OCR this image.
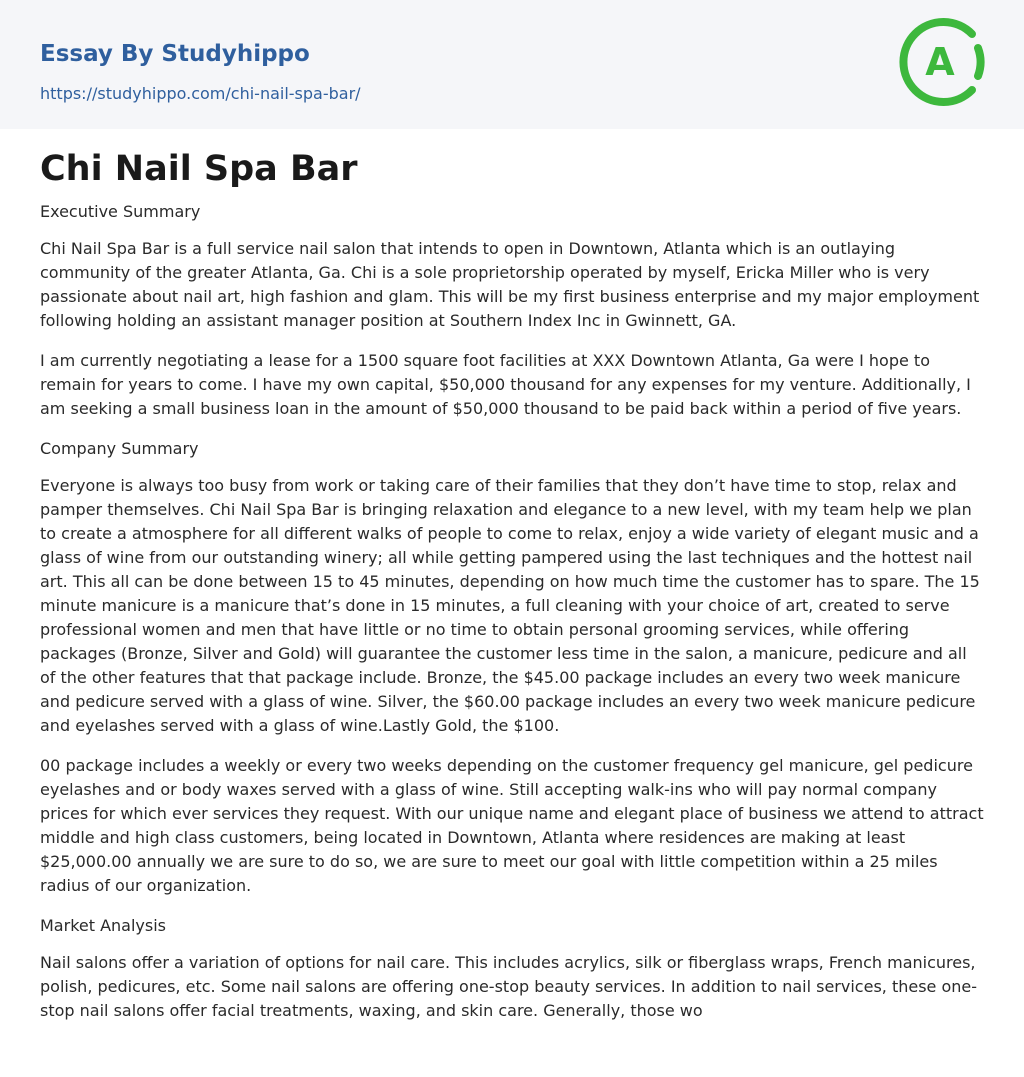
Essay By Studyhippo
https://studyhippo.com/chi-nail-spa-bar/
A
Chi Nail Spa Bar
Executive Summary

Chi Nail Spa Bar is a full service nail salon that intends to open in Downtown, Atlanta which is an outlaying community of the greater Atlanta, Ga. Chi is a sole proprietorship operated by myself, Ericka Miller who is very passionate about nail art, high fashion and glam. This will be my first business enterprise and my major employment following holding an assistant manager position at Southern Index Inc in Gwinnett, GA.

I am currently negotiating a lease for a 1500 square foot facilities at XXX Downtown Atlanta, Ga were I hope to remain for years to come. I have my own capital, $50,000 thousand for any expenses for my venture. Additionally, I am seeking a small business loan in the amount of $50,000 thousand to be paid back within a period of five years.

Company Summary

Everyone is always too busy from work or taking care of their families that they don’t have time to stop, relax and pamper themselves. Chi Nail Spa Bar is bringing relaxation and elegance to a new level, with my team help we plan to create a atmosphere for all different walks of people to come to relax, enjoy a wide variety of elegant music and a glass of wine from our outstanding winery; all while getting pampered using the last techniques and the hottest nail art. This all can be done between 15 to 45 minutes, depending on how much time the customer has to spare. The 15 minute manicure is a manicure that’s done in 15 minutes, a full cleaning with your choice of art, created to serve professional women and men that have little or no time to obtain personal grooming services, while offering packages (Bronze, Silver and Gold) will guarantee the customer less time in the salon, a manicure, pedicure and all of the other features that that package include. Bronze, the $45.00 package includes an every two week manicure and pedicure served with a glass of wine. Silver, the $60.00 package includes an every two week manicure pedicure and eyelashes served with a glass of wine.Lastly Gold, the $100.

00 package includes a weekly or every two weeks depending on the customer frequency gel manicure, gel pedicure eyelashes and or body waxes served with a glass of wine. Still accepting walk-ins who will pay normal company prices for which ever services they request. With our unique name and elegant place of business we attend to attract middle and high class customers, being located in Downtown, Atlanta where residences are making at least $25,000.00 annually we are sure to do so, we are sure to meet our goal with little competition within a 25 miles radius of our organization.

Market Analysis

Nail salons offer a variation of options for nail care. This includes acrylics, silk or fiberglass wraps, French manicures, polish, pedicures, etc. Some nail salons are offering one-stop beauty services. In addition to nail services, these one-stop nail salons offer facial treatments, waxing, and skin care. Generally, those wo
